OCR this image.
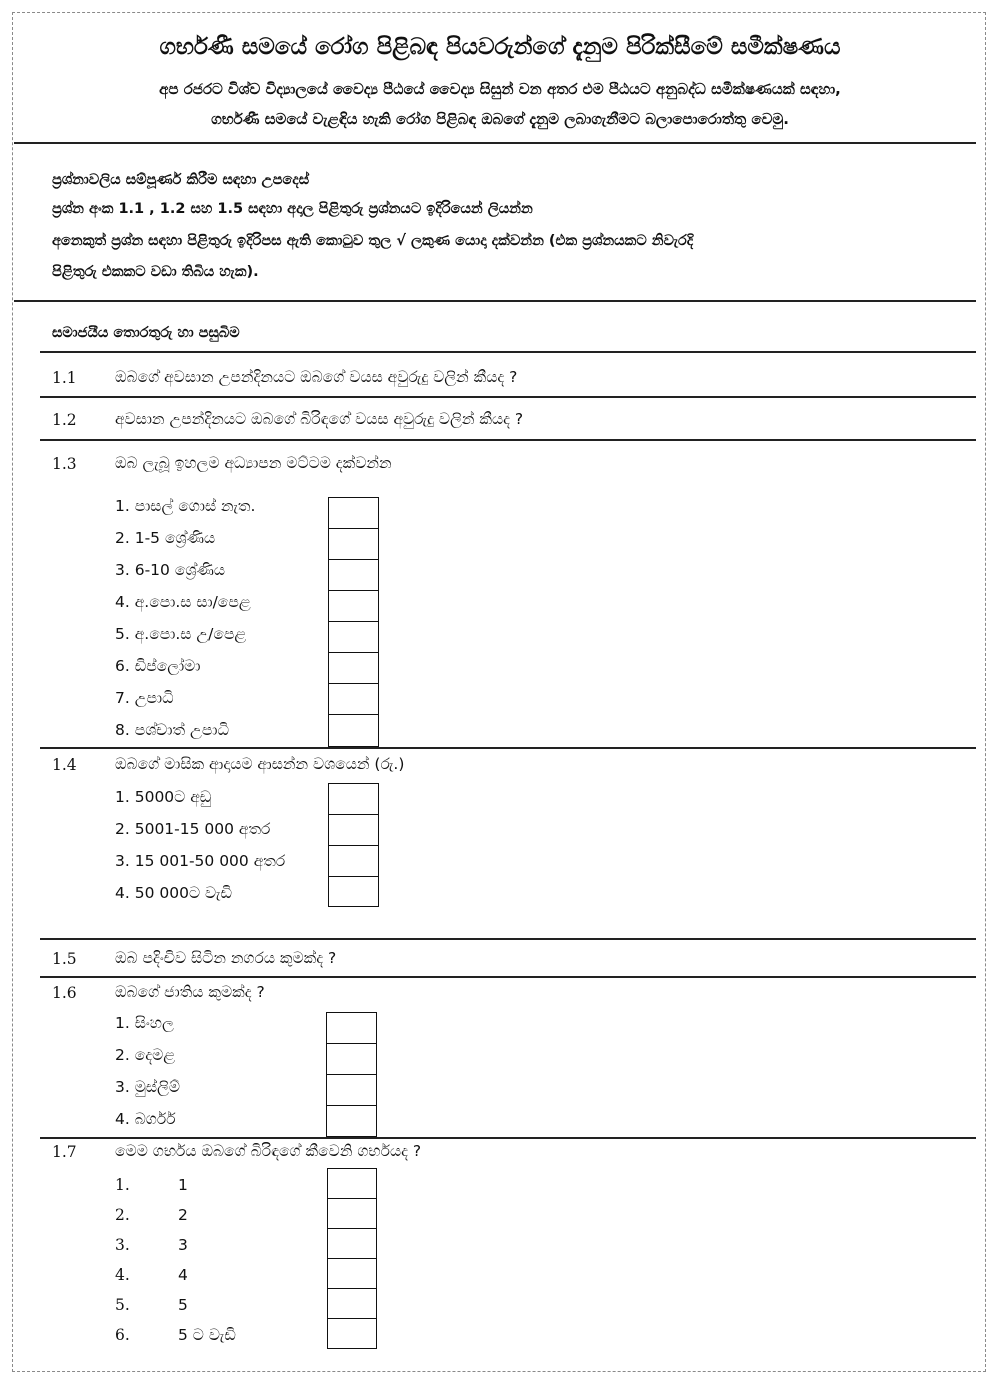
ගර්භණී සමයේ රෝග පිළිබඳ පියවරුන්ගේ දැනුම පිරික්සීමේ සමීක්ෂණය
අප රජරට විශ්ව විද්‍යාලයේ වෛද්‍ය පීඨයේ වෛද්‍ය සිසුන් වන අතර එම පීඨයට අනුබද්ධ සමීක්ෂණයක් සඳහා,
ගර්භණී සමයේ වැළඳිය හැකි රෝග පිළිබඳ ඔබගේ දැනුම ලබාගැනීමට බලාපොරොත්තු වෙමු.
ප්‍රශ්නාවලිය සම්පූර්ණ කිරීම සඳහා උපදෙස්
ප්‍රශ්න අංක 1.1 , 1.2 සහ 1.5 සඳහා අදාල පිළිතුරු ප්‍රශ්නයට ඉදිරියෙන් ලියන්න
අනෙකුත් ප්‍රශ්න සඳහා පිළිතුරු ඉදිරිපස ඇති කොටුව තුල √ ලකුණ යොදා දක්වන්න (එක ප්‍රශ්නයකට නිවැරදි
පිළිතුරු එකකට වඩා තිබිය හැක).
සමාජයීය තොරතුරු හා පසුබිම
1.1 ඔබගේ අවසාන උපන්දිනයට ඔබගේ වයස අවුරුදු වලින් කීයද ?
1.2 අවසාන උපන්දිනයට ඔබගේ බිරිඳගේ වයස අවුරුදු වලින් කීයද ?
1.3 ඔබ ලැබූ ඉහලම අධ්‍යාපන මට්ටම දක්වන්න
1. පාසල් ගොස් නැත.
2. 1-5 ශ්‍රේණිය
3. 6-10 ශ්‍රේණිය
4. අ.පො.ස සා/පෙළ
5. අ.පො.ස උ/පෙළ
6. ඩිප්ලෝමා
7. උපාධි
8. පශ්චාත් උපාධි
1.4 ඔබගේ මාසික ආදායම ආසන්න වශයෙන් (රු.)
1. 5000ට අඩු
2. 5001-15 000 අතර
3. 15 001-50 000 අතර
4. 50 000ට වැඩි
1.5 ඔබ පදිංචිව සිටින නගරය කුමක්ද ?
1.6 ඔබගේ ජාතිය කුමක්ද ?
1. සිංහල
2. දෙමළ
3. මුස්ලිම්
4. බර්ගර්
1.7 මෙම ගර්භය ඔබගේ බිරිඳගේ කීවෙනි ගර්භයද ?
1.	1
2.	2
3.	3
4.	4
5.	5
6.	5 ට වැඩි
